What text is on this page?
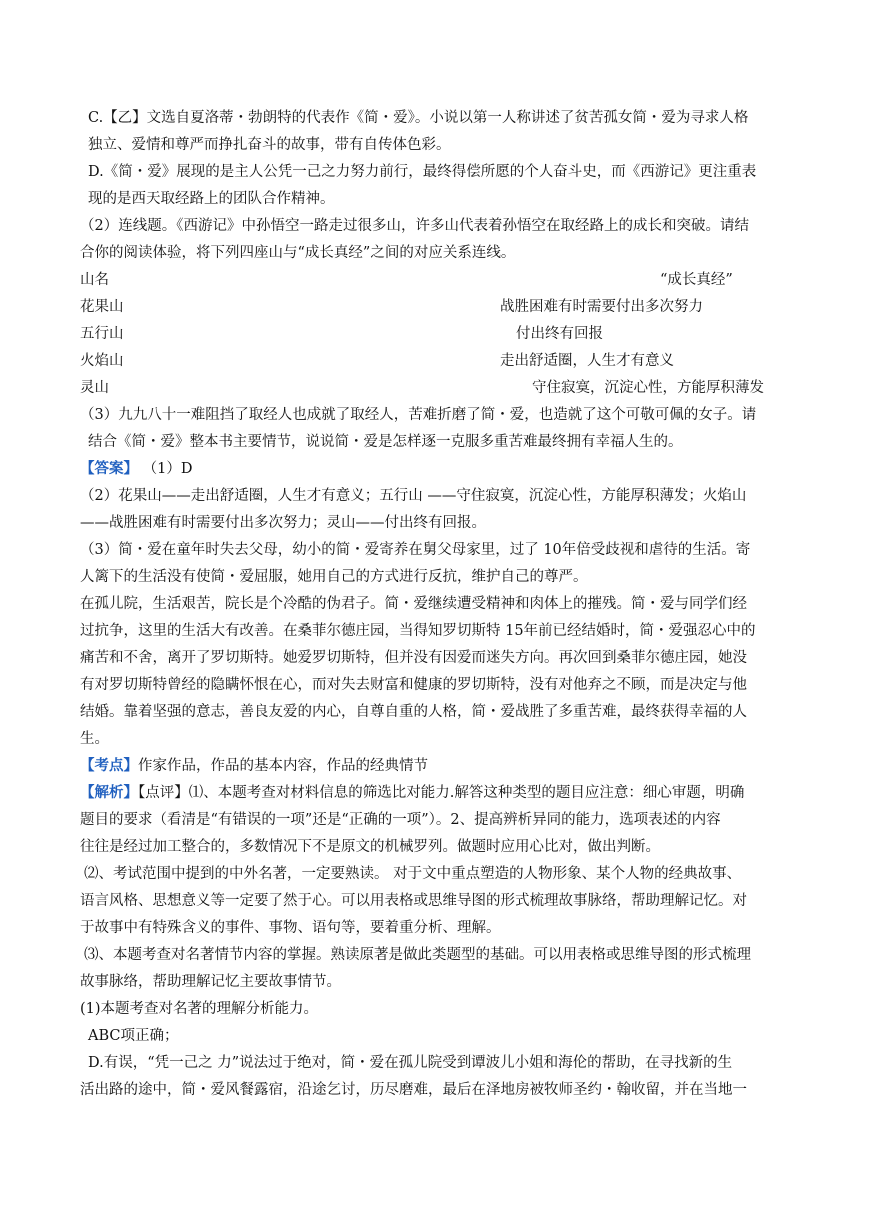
C.【乙】文选自夏洛蒂・勃朗特的代表作《简・爱》。小说以第一人称讲述了贫苦孤女简・爱为寻求人格
独立、爱情和尊严而挣扎奋斗的故事，带有自传体色彩。
D.《简・爱》展现的是主人公凭一己之力努力前行，最终得偿所愿的个人奋斗史，而《西游记》更注重表
现的是西天取经路上的团队合作精神。
（2）连线题。《西游记》中孙悟空一路走过很多山，许多山代表着孙悟空在取经路上的成长和突破。请结
合你的阅读体验，将下列四座山与“成长真经”之间的对应关系连线。
山名	“成长真经”
花果山	战胜困难有时需要付出多次努力
五行山	付出终有回报
火焰山	走出舒适圈，人生才有意义
灵山	守住寂寞，沉淀心性，方能厚积薄发
（3）九九八十一难阻挡了取经人也成就了取经人，苦难折磨了简・爱，也造就了这个可敬可佩的女子。请
结合《简・爱》整本书主要情节，说说简・爱是怎样逐一克服多重苦难最终拥有幸福人生的。
【答案】 （1）D
（2）花果山——走出舒适圈，人生才有意义；五行山 ——守住寂寞，沉淀心性，方能厚积薄发；火焰山
——战胜困难有时需要付出多次努力；灵山——付出终有回报。
（3）简・爱在童年时失去父母，幼小的简・爱寄养在舅父母家里，过了 10年倍受歧视和虐待的生活。寄
人篱下的生活没有使简・爱屈服，她用自己的方式进行反抗，维护自己的尊严。
在孤儿院，生活艰苦，院长是个冷酷的伪君子。简・爱继续遭受精神和肉体上的摧残。简・爱与同学们经
过抗争，这里的生活大有改善。在桑菲尔德庄园，当得知罗切斯特 15年前已经结婚时，简・爱强忍心中的
痛苦和不舍，离开了罗切斯特。她爱罗切斯特，但并没有因爱而迷失方向。再次回到桑菲尔德庄园，她没
有对罗切斯特曾经的隐瞒怀恨在心，而对失去财富和健康的罗切斯特，没有对他弃之不顾，而是决定与他
结婚。靠着坚强的意志，善良友爱的内心，自尊自重的人格，简・爱战胜了多重苦难，最终获得幸福的人
生。
【考点】作家作品，作品的基本内容，作品的经典情节
【解析】【点评】⑴、本题考查对材料信息的筛选比对能力.解答这种类型的题目应注意：细心审题，明确
题目的要求（看清是“有错误的一项”还是“正确的一项”）。2、提高辨析异同的能力，选项表述的内容
往往是经过加工整合的，多数情况下不是原文的机械罗列。做题时应用心比对，做出判断。
⑵、考试范围中提到的中外名著，一定要熟读。 对于文中重点塑造的人物形象、某个人物的经典故事、
语言风格、思想意义等一定要了然于心。可以用表格或思维导图的形式梳理故事脉络，帮助理解记忆。对
于故事中有特殊含义的事件、事物、语句等，要着重分析、理解。
⑶、本题考查对名著情节内容的掌握。熟读原著是做此类题型的基础。可以用表格或思维导图的形式梳理
故事脉络，帮助理解记忆主要故事情节。
(1)本题考查对名著的理解分析能力。
ABC项正确；
D.有误，“凭一己之 力”说法过于绝对，简・爱在孤儿院受到谭波儿小姐和海伦的帮助，在寻找新的生
活出路的途中，简・爱风餐露宿，沿途乞讨，历尽磨难，最后在泽地房被牧师圣约・翰收留，并在当地一
